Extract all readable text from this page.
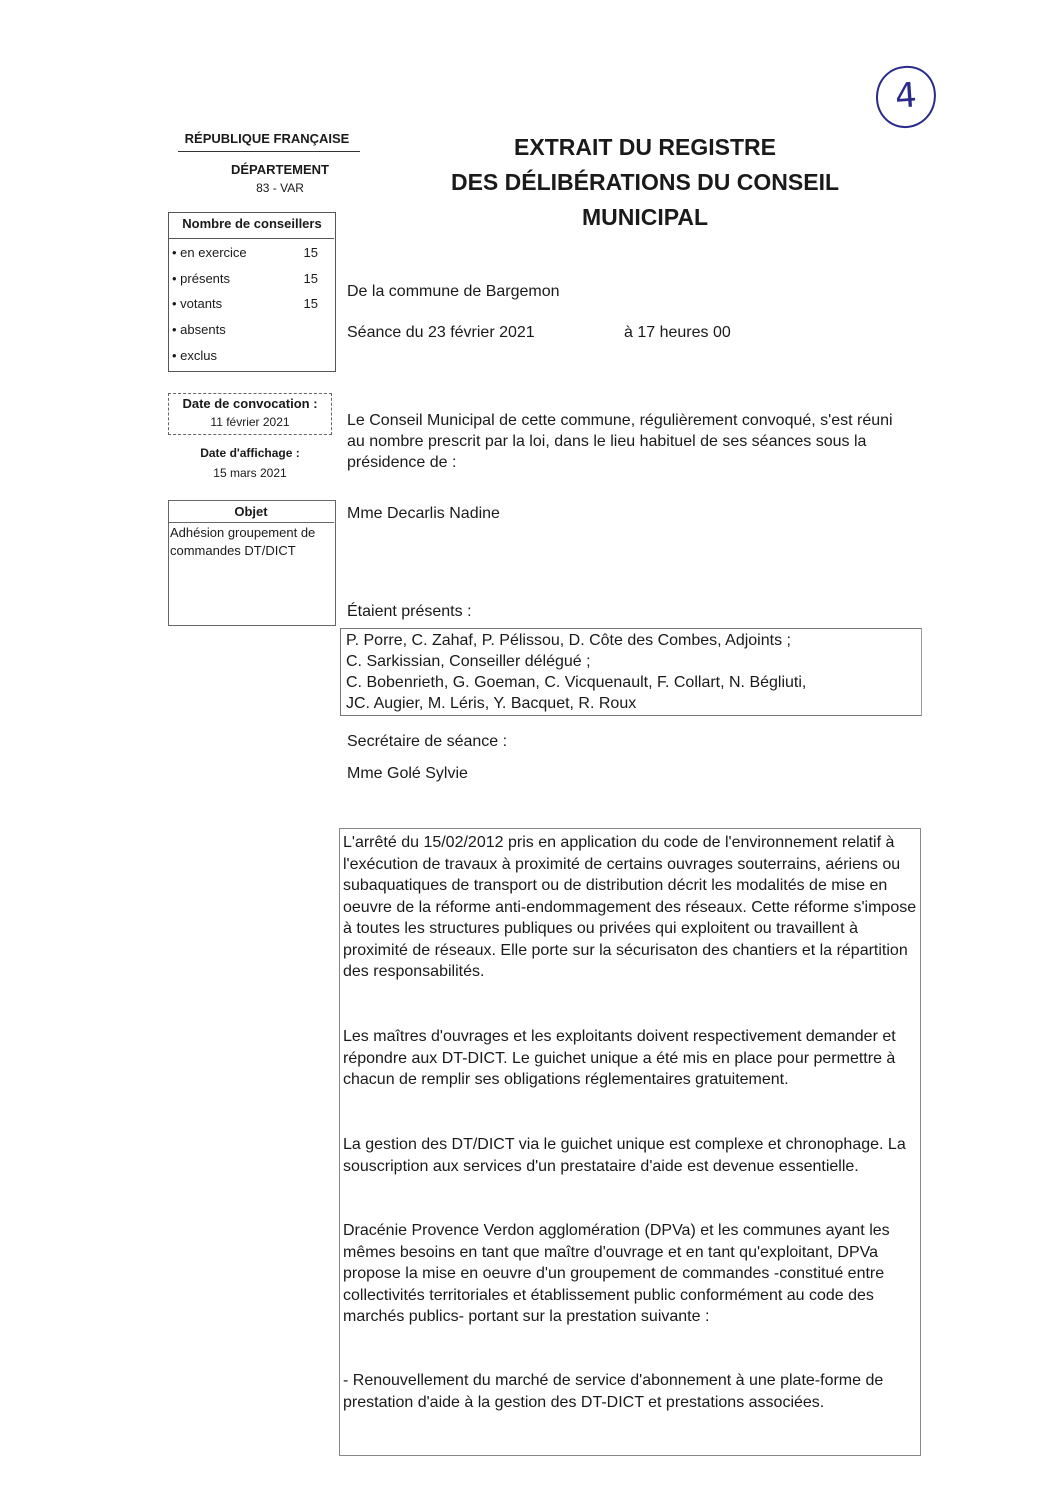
4
RÉPUBLIQUE FRANÇAISE
DÉPARTEMENT
83 - VAR
EXTRAIT DU REGISTRE
DES DÉLIBÉRATIONS DU CONSEIL
MUNICIPAL
Nombre de conseillers
• en exercice	15
• présents	15
• votants	15
• absents
• exclus
Date de convocation :
11 février 2021
Date d'affichage :
15 mars 2021
Objet
Adhésion groupement de commandes DT/DICT
De la commune de Bargemon
Séance du 23 février 2021	à 17 heures 00
Le Conseil Municipal de cette commune, régulièrement convoqué, s'est réuni au nombre prescrit par la loi, dans le lieu habituel de ses séances sous la présidence de :
Mme Decarlis Nadine
Étaient présents :
P. Porre, C. Zahaf, P. Pélissou, D. Côte des Combes, Adjoints ;
C. Sarkissian, Conseiller délégué ;
C. Bobenrieth, G. Goeman, C. Vicquenault, F. Collart, N. Bégliuti,
JC. Augier, M. Léris, Y. Bacquet, R. Roux
Secrétaire de séance :
Mme Golé Sylvie
L'arrêté du 15/02/2012 pris en application du code de l'environnement relatif à l'exécution de travaux à proximité de certains ouvrages souterrains, aériens ou subaquatiques de transport ou de distribution décrit les modalités de mise en oeuvre de la réforme anti-endommagement des réseaux. Cette réforme s'impose à toutes les structures publiques ou privées qui exploitent ou travaillent à proximité de réseaux. Elle porte sur la sécurisaton des chantiers et la répartition des responsabilités.
Les maîtres d'ouvrages et les exploitants doivent respectivement demander et répondre aux DT-DICT. Le guichet unique a été mis en place pour permettre à chacun de remplir ses obligations réglementaires gratuitement.
La gestion des DT/DICT via le guichet unique est complexe et chronophage. La souscription aux services d'un prestataire d'aide est devenue essentielle.
Dracénie Provence Verdon agglomération (DPVa) et les communes ayant les mêmes besoins en tant que maître d'ouvrage et en tant qu'exploitant, DPVa propose la mise en oeuvre d'un groupement de commandes -constitué entre collectivités territoriales et établissement public conformément au code des marchés publics- portant sur la prestation suivante :
- Renouvellement du marché de service d'abonnement à une plate-forme de prestation d'aide à la gestion des DT-DICT et prestations associées.
